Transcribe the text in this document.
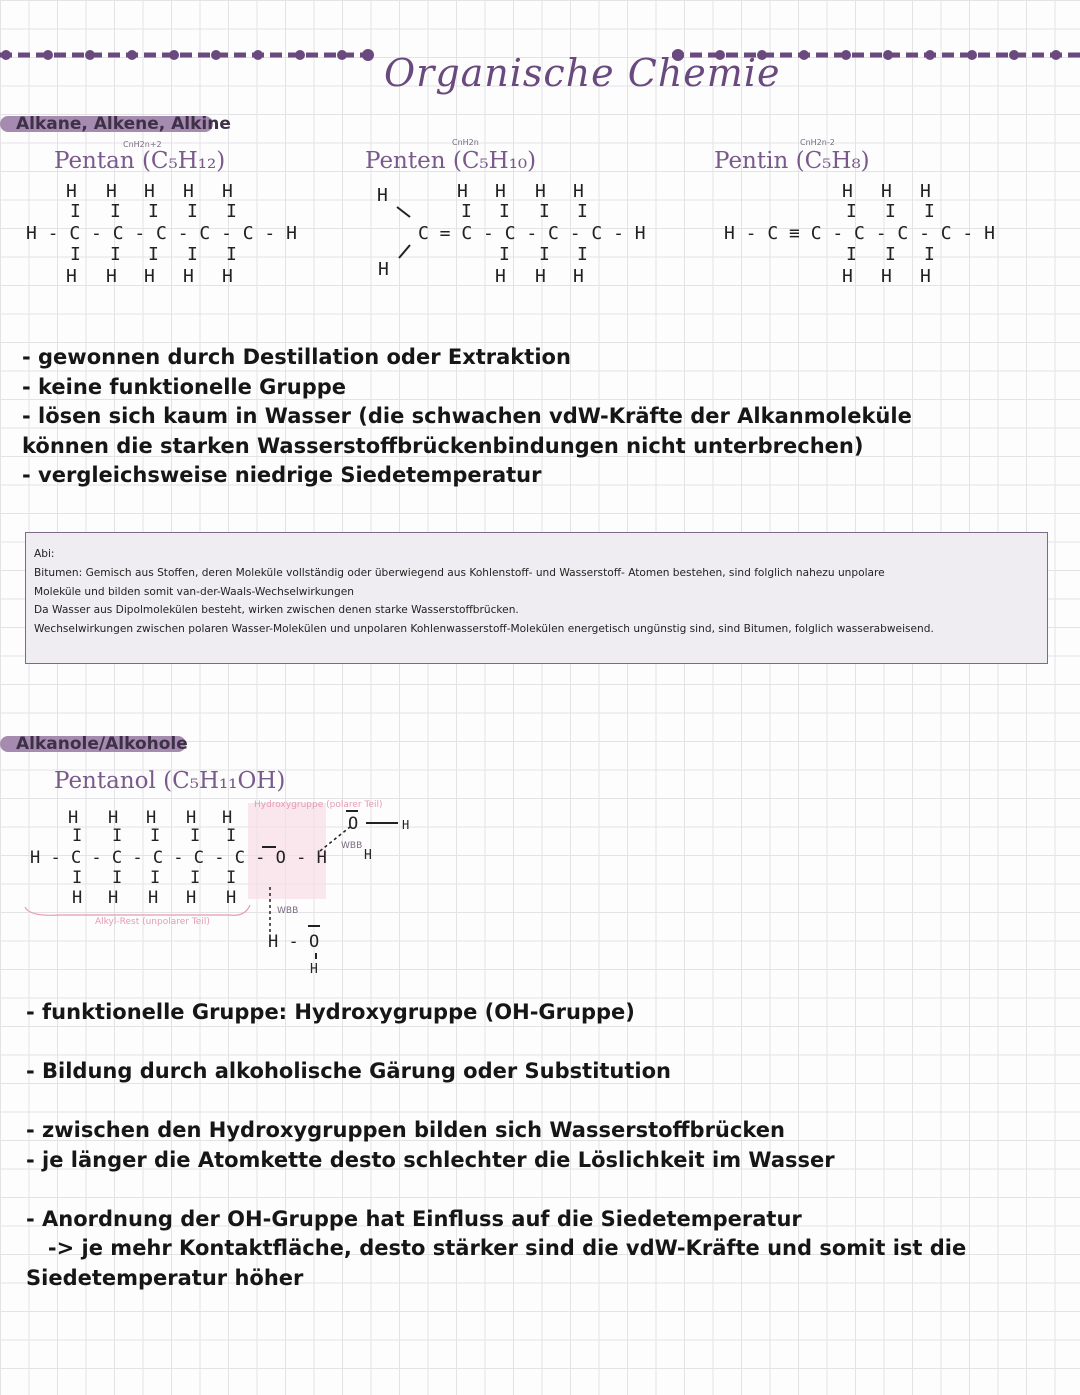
Organische Chemie
Alkane, Alkene, Alkine
CnH2n+2
Pentan (C₅H₁₂)
CnH2n
Penten (C₅H₁₀)
CnH2n-2
Pentin (C₅H₈)
H H H H H
I I I I I
H - C - C - C - C - C - H
I I I I I
H H H H H
H
H
H H H H
I I I I
C = C - C - C - C - H
I I I
H H H
H H H
I I I
H - C ≡ C - C - C - C - H
I I I
H H H
- gewonnen durch Destillation oder Extraktion
- keine funktionelle Gruppe
- lösen sich kaum in Wasser (die schwachen vdW-Kräfte der Alkanmoleküle
können die starken Wasserstoffbrückenbindungen nicht unterbrechen)
- vergleichsweise niedrige Siedetemperatur
Abi:
Bitumen: Gemisch aus Stoffen, deren Moleküle vollständig oder überwiegend aus Kohlenstoff- und Wasserstoff- Atomen bestehen, sind folglich nahezu unpolare
Moleküle und bilden somit van-der-Waals-Wechselwirkungen
Da Wasser aus Dipolmolekülen besteht, wirken zwischen denen starke Wasserstoffbrücken.
Wechselwirkungen zwischen polaren Wasser-Molekülen und unpolaren Kohlenwasserstoff-Molekülen energetisch ungünstig sind, sind Bitumen, folglich wasserabweisend.
Alkanole/Alkohole
Pentanol (C₅H₁₁OH)
H H H H H
I I I I I
H - C - C - C - C - C - O - H
I I I I I
H H H H H
O	H
H
H - O
H
Hydroxygruppe (polarer Teil)
Alkyl-Rest (unpolarer Teil)
WBB
WBB
- funktionelle Gruppe: Hydroxygruppe (OH-Gruppe)
- Bildung durch alkoholische Gärung oder Substitution
- zwischen den Hydroxygruppen bilden sich Wasserstoffbrücken
- je länger die Atomkette desto schlechter die Löslichkeit im Wasser
- Anordnung der OH-Gruppe hat Einfluss auf die Siedetemperatur
-> je mehr Kontaktfläche, desto stärker sind die vdW-Kräfte und somit ist die
Siedetemperatur höher
